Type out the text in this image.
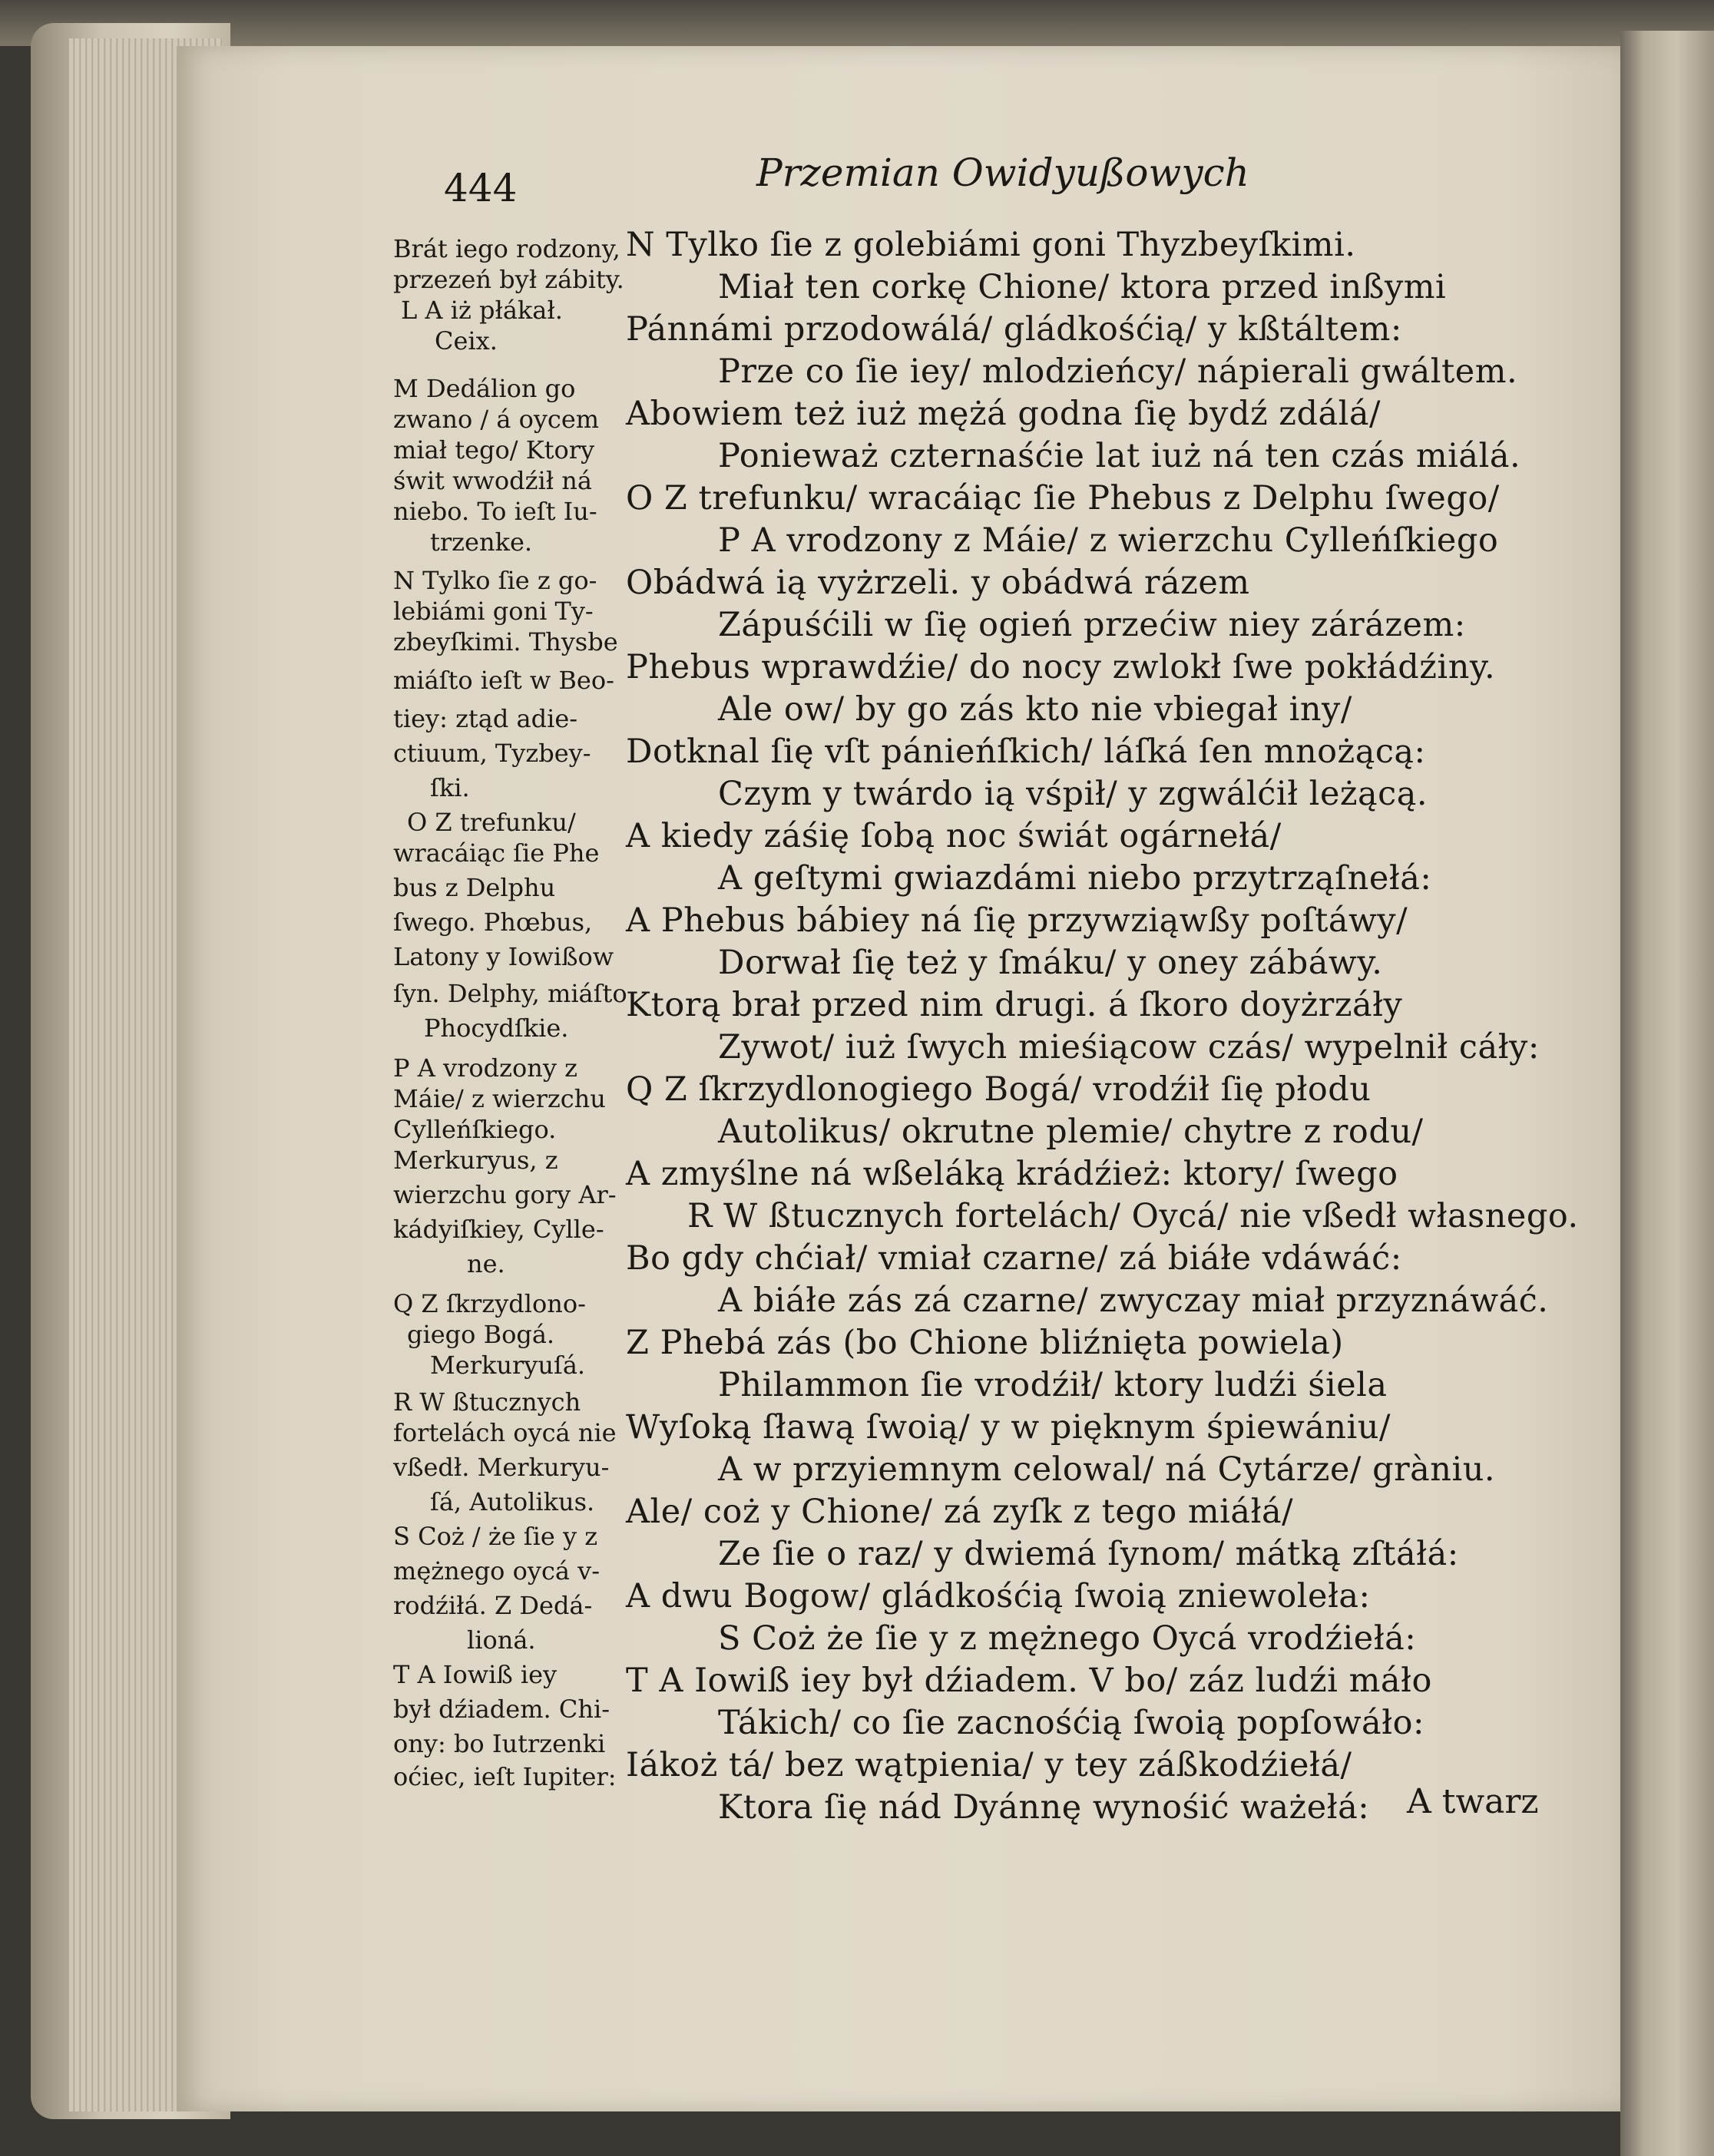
444	Przemian Owidyußowych
N Tylko ſie z golebiámi goni Thyzbeyſkimi.
Miał ten corkę Chione/ ktora przed inßymi
Pánnámi przodowálá/ gládkośćią/ y kßtáltem:
Prze co ſie iey/ mlodzieńcy/ nápierali gwáltem.
Abowiem też iuż mężá godna ſię bydź zdálá/
Ponieważ czternaśćie lat iuż ná ten czás miálá.
O Z trefunku/ wracáiąc ſie Phebus z Delphu ſwego/
P A vrodzony z Máie/ z wierzchu Cylleńſkiego
Obádwá ią vyżrzeli. y obádwá rázem
Zápuśćili w ſię ogień przećiw niey zárázem:
Phebus wprawdźie/ do nocy zwlokł ſwe pokłádźiny.
Ale ow/ by go zás kto nie vbiegał iny/
Dotknal ſię vſt pánieńſkich/ láſká ſen mnożącą:
Czym y twárdo ią vśpił/ y zgwálćił leżącą.
A kiedy záśię ſobą noc świát ogárnełá/
A geſtymi gwiazdámi niebo przytrząſnełá:
A Phebus bábiey ná ſię przywziąwßy poſtáwy/
Dorwał ſię też y ſmáku/ y oney zábáwy.
Ktorą brał przed nim drugi. á ſkoro doyżrzáły
Zywot/ iuż ſwych mieśiącow czás/ wypelnił cáły:
Q Z ſkrzydlonogiego Bogá/ vrodźił ſię płodu
Autolikus/ okrutne plemie/ chytre z rodu/
A zmyślne ná wßeláką krádźież: ktory/ ſwego
R W ßtucznych fortelách/ Oycá/ nie vßedł własnego.
Bo gdy chćiał/ vmiał czarne/ zá biáłe vdáwáć:
A biáłe zás zá czarne/ zwyczay miał przyznáwáć.
Z Phebá zás (bo Chione bliźnięta powiela)
Philammon ſie vrodźił/ ktory ludźi śiela
Wyſoką ſławą ſwoią/ y w pięknym śpiewániu/
A w przyiemnym celowal/ ná Cytárze/ gràniu.
Ale/ coż y Chione/ zá zyſk z tego miáłá/
Ze ſie o raz/ y dwiemá ſynom/ mátką zſtáłá:
A dwu Bogow/ gládkośćią ſwoią zniewoleła:
S Coż że ſie y z mężnego Oycá vrodźiełá:
T A Iowiß iey był dźiadem. V bo/ záz ludźi máło
Tákich/ co ſie zacnośćią ſwoią popſowáło:
Iákoż tá/ bez wątpienia/ y tey záßkodźiełá/
Ktora ſię nád Dyánnę wynośić ważełá:
Brát iego rodzony,
przezeń był zábity.
L A iż płákał.
Ceix.
M Dedálion go
zwano / á oycem
miał tego/ Ktory
świt wwodźił ná
niebo. To ieſt Iu-
trzenke.
N Tylko ſie z go-
lebiámi goni Ty-
zbeyſkimi. Thysbe
miáſto ieſt w Beo-
tiey: ztąd adie-
ctiuum, Tyzbey-
ſki.
O Z trefunku/
wracáiąc ſie Phe
bus z Delphu
ſwego. Phœbus,
Latony y Iowißow
ſyn. Delphy, miáſto
Phocydſkie.
P A vrodzony z
Máie/ z wierzchu
Cylleńſkiego.
Merkuryus, z
wierzchu gory Ar-
kádyiſkiey, Cylle-
ne.
Q Z ſkrzydlono-
giego Bogá.
Merkuryuſá.
R W ßtucznych
fortelách oycá nie
vßedł. Merkuryu-
ſá, Autolikus.
S Coż / że ſie y z
mężnego oycá v-
rodźiłá. Z Dedá-
lioná.
T A Iowiß iey
był dźiadem. Chi-
ony: bo Iutrzenki
oćiec, ieſt Iupiter:
A twarz
